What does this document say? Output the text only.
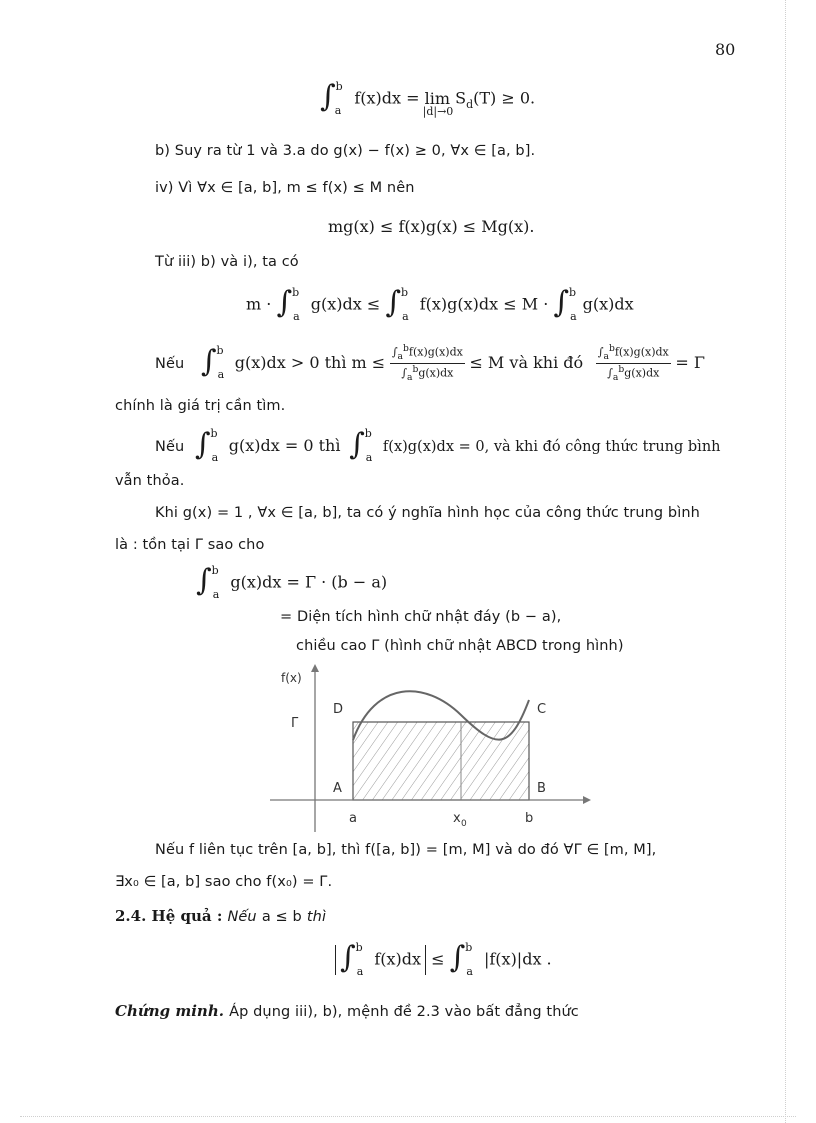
80
∫$^b_a$ f(x)dx = lim
|d|→0
$S_d(T) \ge 0$.
b) Suy ra từ 1 và 3.a do g(x) − f(x) ≥ 0, ∀x ∈ [a, b].
iv) Vì ∀x ∈ [a, b], m ≤ f(x) ≤ M nên
mg(x) ≤ f(x)g(x) ≤ Mg(x).
Từ iii) b) và i), ta có
m · ∫$^b_a$ g(x)dx ≤ ∫$^b_a$ f(x)g(x)dx ≤ M · ∫$^b_a$g(x)dx
Nếu ∫$^b_a$ g(x)dx > 0 thì $m \le \frac{\int_a^bf(x)g(x)dx}{\int_a^bg(x)dx} \le M$ và khi đó $\frac{\int_a^bf(x)g(x)dx}{\int_a^bg(x)dx} = \Gamma$
chính là giá trị cần tìm.
Nếu ∫$^b_a$ g(x)dx = 0 thì ∫$^b_a$ f(x)g(x)dx = 0, và khi đó công thức trung bình
vẫn thỏa.
Khi g(x) = 1 , ∀x ∈ [a, b], ta có ý nghĩa hình học của công thức trung bình
là : tồn tại Γ sao cho
∫$^b_a$ g(x)dx = Γ · (b − a)
= Diện tích hình chữ nhật đáy (b − a),
chiều cao Γ (hình chữ nhật ABCD trong hình)
f(x)
Γ
D	C
A	B
a	x 0	b
Nếu f liên tục trên [a, b], thì f([a, b]) = [m, M] và do đó ∀Γ ∈ [m, M],
∃x₀ ∈ [a, b] sao cho f(x₀) = Γ.
2.4. Hệ quả : Nếu a ≤ b thì
∫$^b_a$ f(x)dx ≤ ∫$^b_a$ |f(x)|dx .
Chứng minh. Áp dụng iii), b), mệnh đề 2.3 vào bất đẳng thức
